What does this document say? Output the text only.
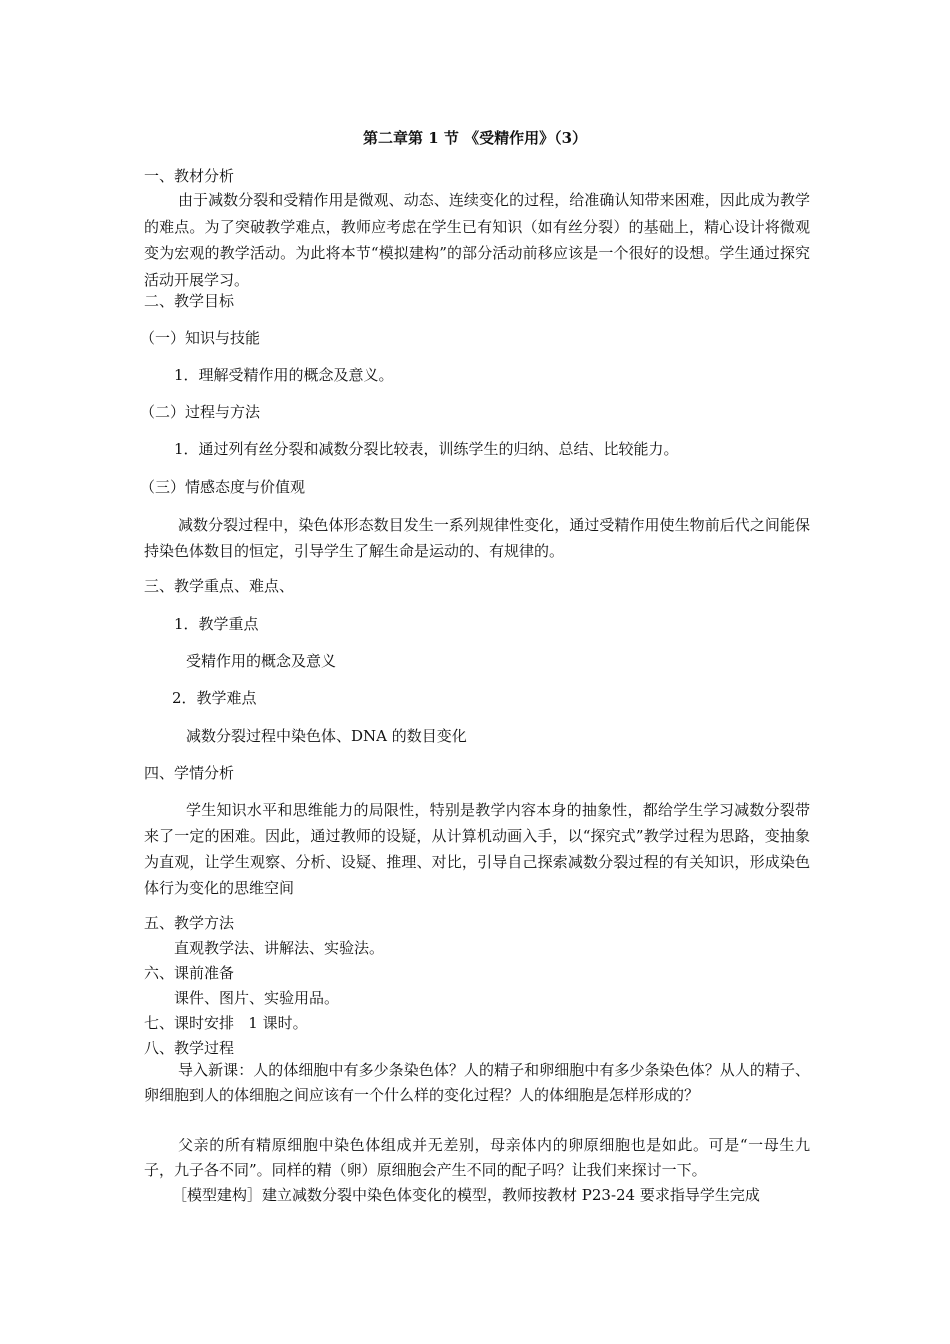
第二章第 1 节 《受精作用》（3）
一、教材分析
由于减数分裂和受精作用是微观、动态、连续变化的过程，给准确认知带来困难，因此成为教学的难点。为了突破教学难点，教师应考虑在学生已有知识（如有丝分裂）的基础上，精心设计将微观变为宏观的教学活动。为此将本节“模拟建构”的部分活动前移应该是一个很好的设想。学生通过探究活动开展学习。
二、教学目标
（一）知识与技能
1．理解受精作用的概念及意义。
（二）过程与方法
1．通过列有丝分裂和减数分裂比较表，训练学生的归纳、总结、比较能力。
（三）情感态度与价值观
减数分裂过程中，染色体形态数目发生一系列规律性变化，通过受精作用使生物前后代之间能保持染色体数目的恒定，引导学生了解生命是运动的、有规律的。
三、教学重点、难点、
1．教学重点
受精作用的概念及意义
2．教学难点
减数分裂过程中染色体、DNA 的数目变化
四、学情分析
学生知识水平和思维能力的局限性，特别是教学内容本身的抽象性，都给学生学习减数分裂带来了一定的困难。因此，通过教师的设疑，从计算机动画入手，以“探究式”教学过程为思路，变抽象为直观，让学生观察、分析、设疑、推理、对比，引导自己探索减数分裂过程的有关知识，形成染色体行为变化的思维空间
五、教学方法
直观教学法、讲解法、实验法。
六、课前准备
课件、图片、实验用品。
七、课时安排   1 课时。
八、教学过程
导入新课：人的体细胞中有多少条染色体？人的精子和卵细胞中有多少条染色体？从人的精子、卵细胞到人的体细胞之间应该有一个什么样的变化过程？人的体细胞是怎样形成的？
父亲的所有精原细胞中染色体组成并无差别，母亲体内的卵原细胞也是如此。可是“一母生九子，九子各不同”。同样的精（卵）原细胞会产生不同的配子吗？让我们来探讨一下。
［模型建构］建立减数分裂中染色体变化的模型，教师按教材 P23-24 要求指导学生完成
